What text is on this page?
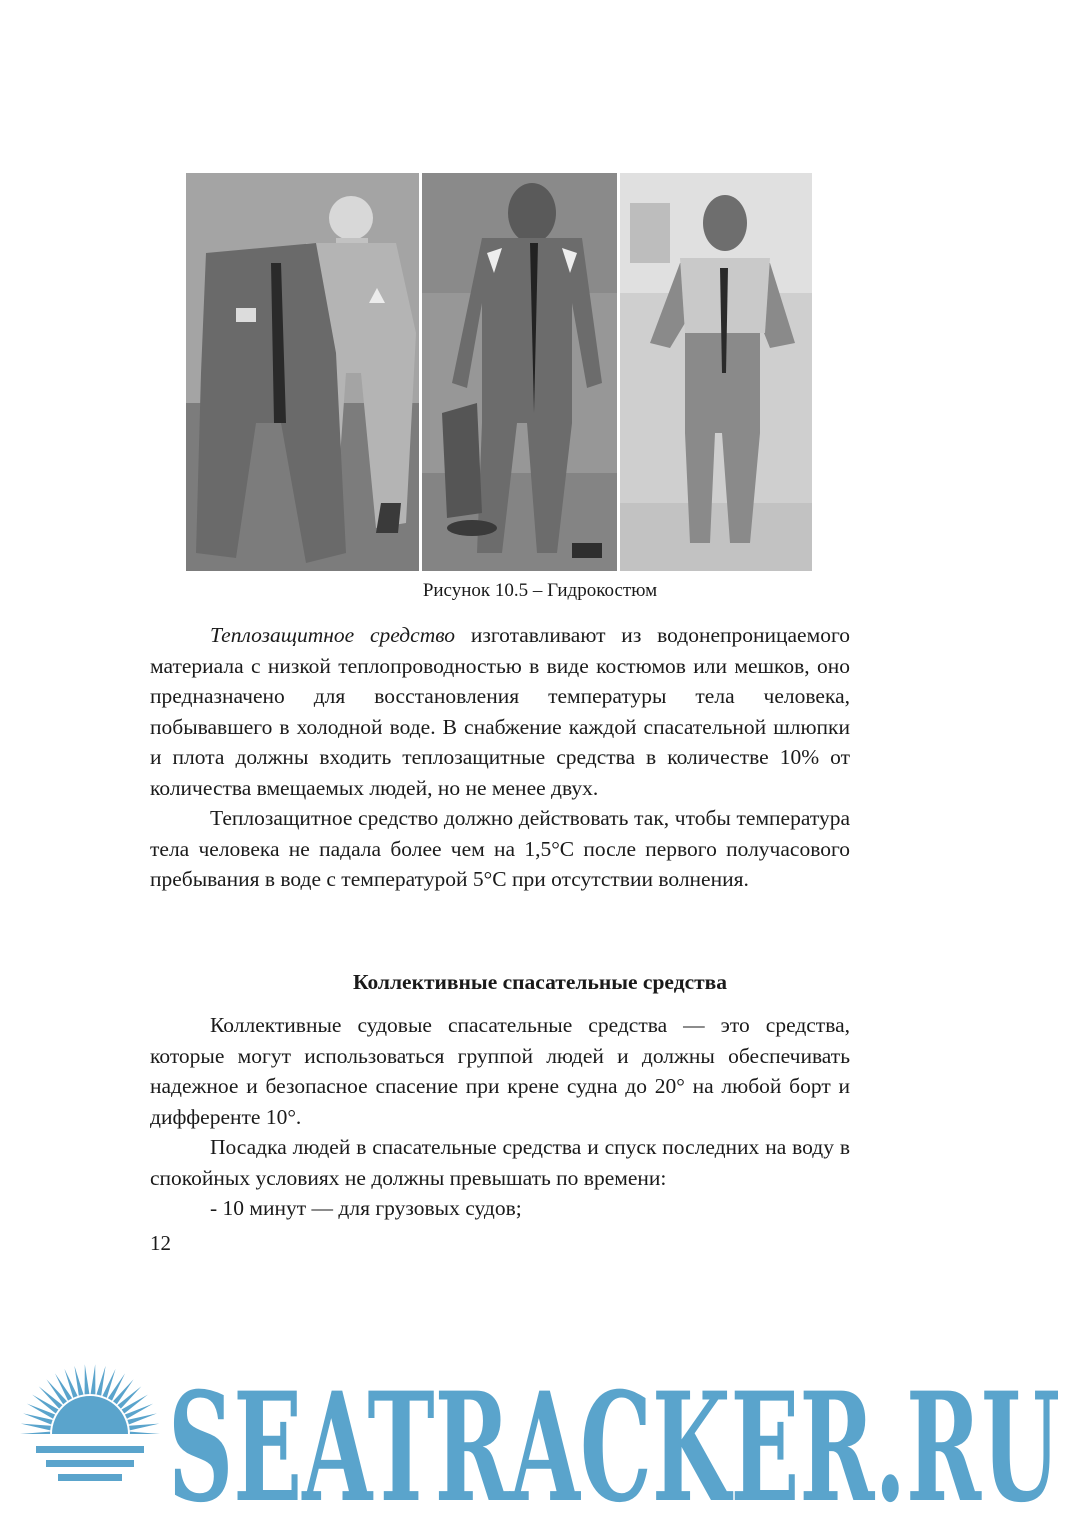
Рисунок 10.5 – Гидрокостюм

Теплозащитное средство изготавливают из водонепроницаемого материала с низкой теплопроводностью в виде костюмов или мешков, оно предназначено для восстановления температуры тела человека, побывавшего в холодной воде. В снабжение каждой спасательной шлюпки и плота должны входить теплозащитные средства в количестве 10% от количества вмещаемых людей, но не менее двух.

Теплозащитное средство должно действовать так, чтобы температура тела человека не падала более чем на 1,5°С после первого получасового пребывания в воде с температурой 5°С при отсутствии волнения.

Коллективные спасательные средства

Коллективные судовые спасательные средства — это средства, которые могут использоваться группой людей и должны обеспечивать надежное и безопасное спасение при крене судна до 20° на любой борт и дифференте 10°.

Посадка людей в спасательные средства и спуск последних на воду в спокойных условиях не должны превышать по времени:

- 10 минут — для грузовых судов;

12
SEATRACKER.RU
